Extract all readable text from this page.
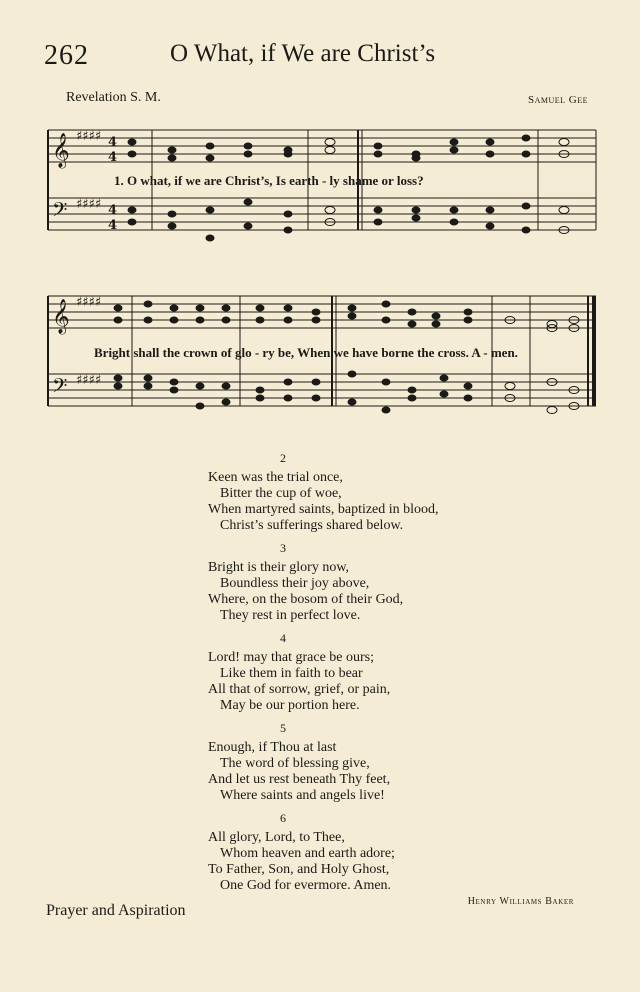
262	O What, if We are Christ’s
Revelation S. M.	Samuel Gee
𝄞
𝄢
♯♯♯♯
♯♯♯♯
4
4
4
4
1. O what, if we are Christ’s, Is earth - ly shame or loss?
𝄞
𝄢
♯♯♯♯
♯♯♯♯
Bright shall the crown of glo - ry be, When we have borne the cross. A - men.
2
Keen was the trial once,
Bitter the cup of woe,
When martyred saints, baptized in blood,
Christ’s sufferings shared below.
3
Bright is their glory now,
Boundless their joy above,
Where, on the bosom of their God,
They rest in perfect love.
4
Lord! may that grace be ours;
Like them in faith to bear
All that of sorrow, grief, or pain,
May be our portion here.
5
Enough, if Thou at last
The word of blessing give,
And let us rest beneath Thy feet,
Where saints and angels live!
6
All glory, Lord, to Thee,
Whom heaven and earth adore;
To Father, Son, and Holy Ghost,
One God for evermore. Amen.
Henry Williams Baker
Prayer and Aspiration
